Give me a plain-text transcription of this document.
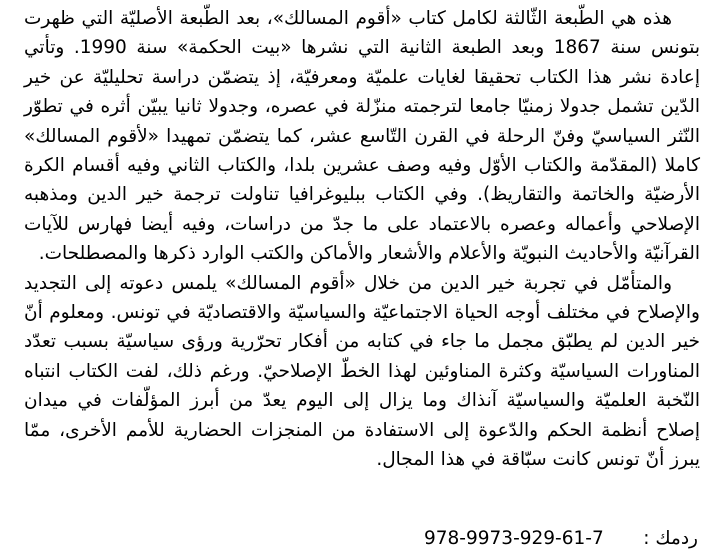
هذه هي الطّبعة الثّالثة لكامل كتاب «أقوم المسالك»، بعد الطّبعة الأصليّة التي ظهرت بتونس سنة 1867 وبعد الطبعة الثانية التي نشرها «بيت الحكمة» سنة 1990. وتأتي إعادة نشر هذا الكتاب تحقيقا لغايات علميّة ومعرفيّة، إذ يتضمّن دراسة تحليليّة عن خير الدّين تشمل جدولا زمنيّا جامعا لترجمته منزّلة في عصره، وجدولا ثانيا يبيّن أثره في تطوّر النّثر السياسيّ وفنّ الرحلة في القرن التّاسع عشر، كما يتضمّن تمهيدا «لأقوم المسالك» كاملا (المقدّمة والكتاب الأوّل وفيه وصف عشرين بلدا، والكتاب الثاني وفيه أقسام الكرة الأرضيّة والخاتمة والتقاريظ). وفي الكتاب ببليوغرافيا تناولت ترجمة خير الدين ومذهبه الإصلاحي وأعماله وعصره بالاعتماد على ما جدّ من دراسات، وفيه أيضا فهارس للآيات القرآنيّة والأحاديث النبويّة والأعلام والأشعار والأماكن والكتب الوارد ذكرها والمصطلحات.

والمتأمّل في تجربة خير الدين من خلال «أقوم المسالك» يلمس دعوته إلى التجديد والإصلاح في مختلف أوجه الحياة الاجتماعيّة والسياسيّة والاقتصاديّة في تونس. ومعلوم أنّ خير الدين لم يطبّق مجمل ما جاء في كتابه من أفكار تحرّرية ورؤى سياسيّة بسبب تعدّد المناورات السياسيّة وكثرة المناوئين لهذا الخطّ الإصلاحيّ. ورغم ذلك، لفت الكتاب انتباه النّخبة العلميّة والسياسيّة آنذاك وما يزال إلى اليوم يعدّ من أبرز المؤلّفات في ميدان إصلاح أنظمة الحكم والدّعوة إلى الاستفادة من المنجزات الحضارية للأمم الأخرى، ممّا يبرز أنّ تونس كانت سبّاقة في هذا المجال.

ردمك :
978-9973-929-61-7
